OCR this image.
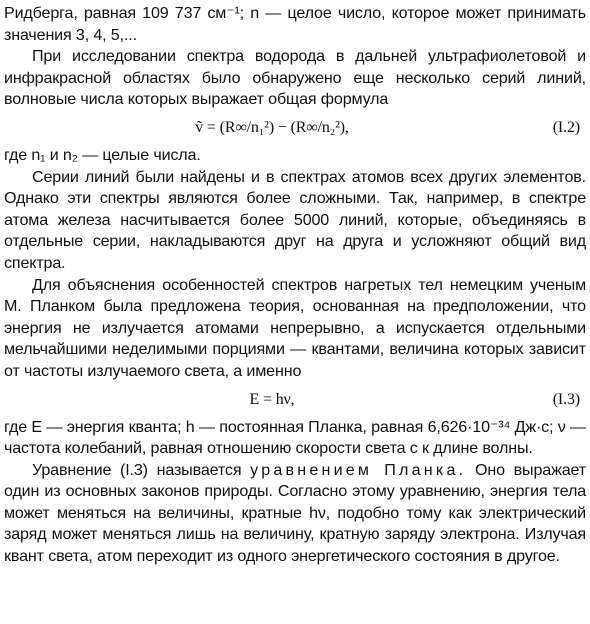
Ридберга, равная 109 737 см⁻¹; n — целое число, которое может принимать значения 3, 4, 5,...

При исследовании спектра водорода в дальней ультрафиолетовой и инфракрасной областях было обнаружено еще несколько серий линий, волновые числа которых выражает общая формула

ṽ = (R∞/n₁²) − (R∞/n₂²),	(I.2)

где n₁ и n₂ — целые числа.

Серии линий были найдены и в спектрах атомов всех других элементов. Однако эти спектры являются более сложными. Так, например, в спектре атома железа насчитывается более 5000 линий, которые, объединяясь в отдельные серии, накладываются друг на друга и усложняют общий вид спектра.

Для объяснения особенностей спектров нагретых тел немецким ученым М. Планком была предложена теория, основанная на предположении, что энергия не излучается атомами непрерывно, а испускается отдельными мельчайшими неделимыми порциями — квантами, величина которых зависит от частоты излучаемого света, а именно

E = hν,	(I.3)

где E — энергия кванта; h — постоянная Планка, равная 6,626·10⁻³⁴ Дж·с; ν — частота колебаний, равная отношению скорости света c к длине волны.

Уравнение (I.3) называется уравнением Планка. Оно выражает один из основных законов природы. Согласно этому уравнению, энергия тела может меняться на величины, кратные hν, подобно тому как электрический заряд может меняться лишь на величину, кратную заряду электрона. Излучая квант света, атом переходит из одного энергетического состояния в другое.
